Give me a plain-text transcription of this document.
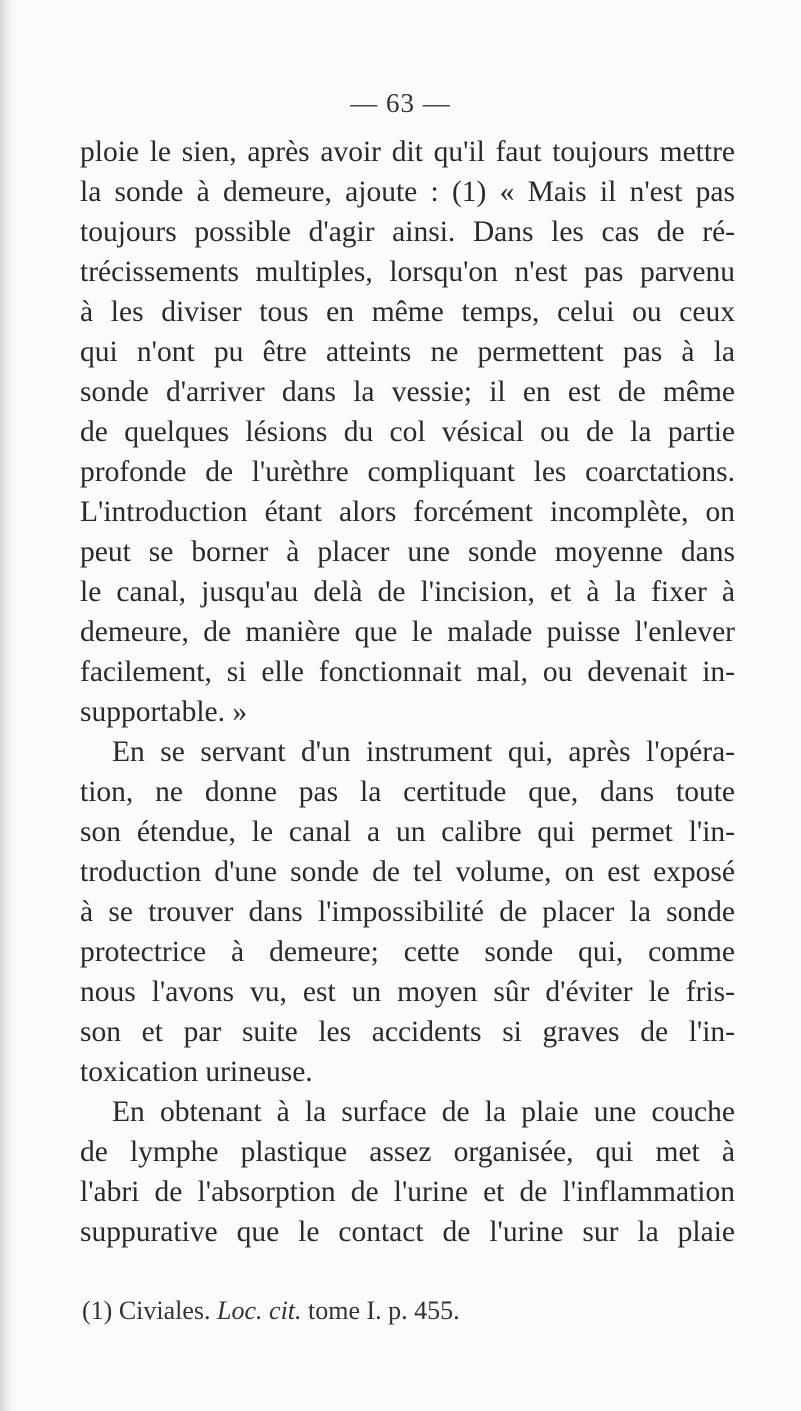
— 63 —
ploie le sien, après avoir dit qu'il faut toujours mettre
la sonde à demeure, ajoute : (1) « Mais il n'est pas
toujours possible d'agir ainsi. Dans les cas de ré-
trécissements multiples, lorsqu'on n'est pas parvenu
à les diviser tous en même temps, celui ou ceux
qui n'ont pu être atteints ne permettent pas à la
sonde d'arriver dans la vessie; il en est de même
de quelques lésions du col vésical ou de la partie
profonde de l'urèthre compliquant les coarctations.
L'introduction étant alors forcément incomplète, on
peut se borner à placer une sonde moyenne dans
le canal, jusqu'au delà de l'incision, et à la fixer à
demeure, de manière que le malade puisse l'enlever
facilement, si elle fonctionnait mal, ou devenait in-
supportable. »
En se servant d'un instrument qui, après l'opéra-
tion, ne donne pas la certitude que, dans toute
son étendue, le canal a un calibre qui permet l'in-
troduction d'une sonde de tel volume, on est exposé
à se trouver dans l'impossibilité de placer la sonde
protectrice à demeure; cette sonde qui, comme
nous l'avons vu, est un moyen sûr d'éviter le fris-
son et par suite les accidents si graves de l'in-
toxication urineuse.
En obtenant à la surface de la plaie une couche
de lymphe plastique assez organisée, qui met à
l'abri de l'absorption de l'urine et de l'inflammation
suppurative que le contact de l'urine sur la plaie
(1) Civiales. Loc. cit. tome I. p. 455.
